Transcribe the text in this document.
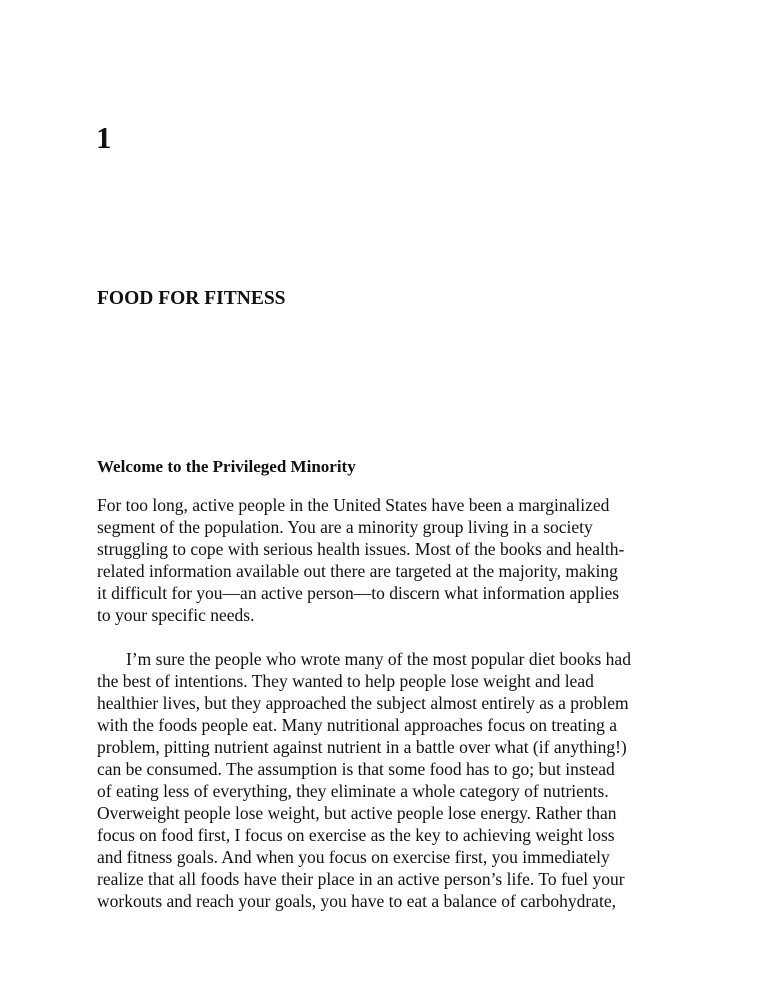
1
FOOD FOR FITNESS
Welcome to the Privileged Minority

For too long, active people in the United States have been a marginalized
segment of the population. You are a minority group living in a society
struggling to cope with serious health issues. Most of the books and health-
related information available out there are targeted at the majority, making
it difficult for you—an active person—to discern what information applies
to your specific needs.

I’m sure the people who wrote many of the most popular diet books had
the best of intentions. They wanted to help people lose weight and lead
healthier lives, but they approached the subject almost entirely as a problem
with the foods people eat. Many nutritional approaches focus on treating a
problem, pitting nutrient against nutrient in a battle over what (if anything!)
can be consumed. The assumption is that some food has to go; but instead
of eating less of everything, they eliminate a whole category of nutrients.
Overweight people lose weight, but active people lose energy. Rather than
focus on food first, I focus on exercise as the key to achieving weight loss
and fitness goals. And when you focus on exercise first, you immediately
realize that all foods have their place in an active person’s life. To fuel your
workouts and reach your goals, you have to eat a balance of carbohydrate,
